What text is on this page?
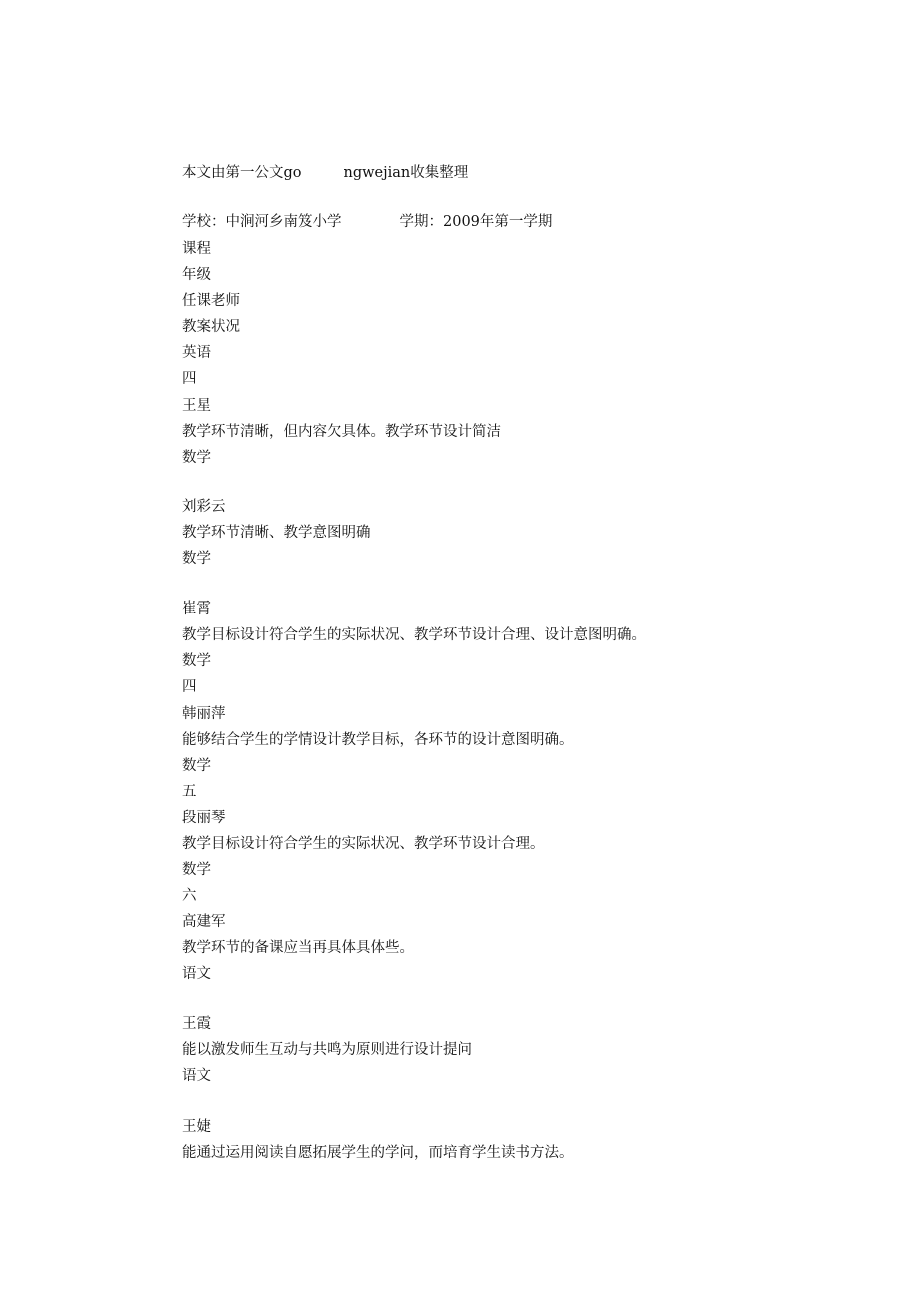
本文由第一公文go	ngwejian收集整理
学校：中涧河乡南笈小学	学期：2009年第一学期
课程
年级
任课老师
教案状况
英语
四
王星
教学环节清晰，但内容欠具体。教学环节设计简洁
数学
刘彩云
教学环节清晰、教学意图明确
数学
崔霄
教学目标设计符合学生的实际状况、教学环节设计合理、设计意图明确。
数学
四
韩丽萍
能够结合学生的学情设计教学目标，各环节的设计意图明确。
数学
五
段丽琴
教学目标设计符合学生的实际状况、教学环节设计合理。
数学
六
高建军
教学环节的备课应当再具体具体些。
语文
王霞
能以激发师生互动与共鸣为原则进行设计提问
语文
王婕
能通过运用阅读自愿拓展学生的学问，而培育学生读书方法。
